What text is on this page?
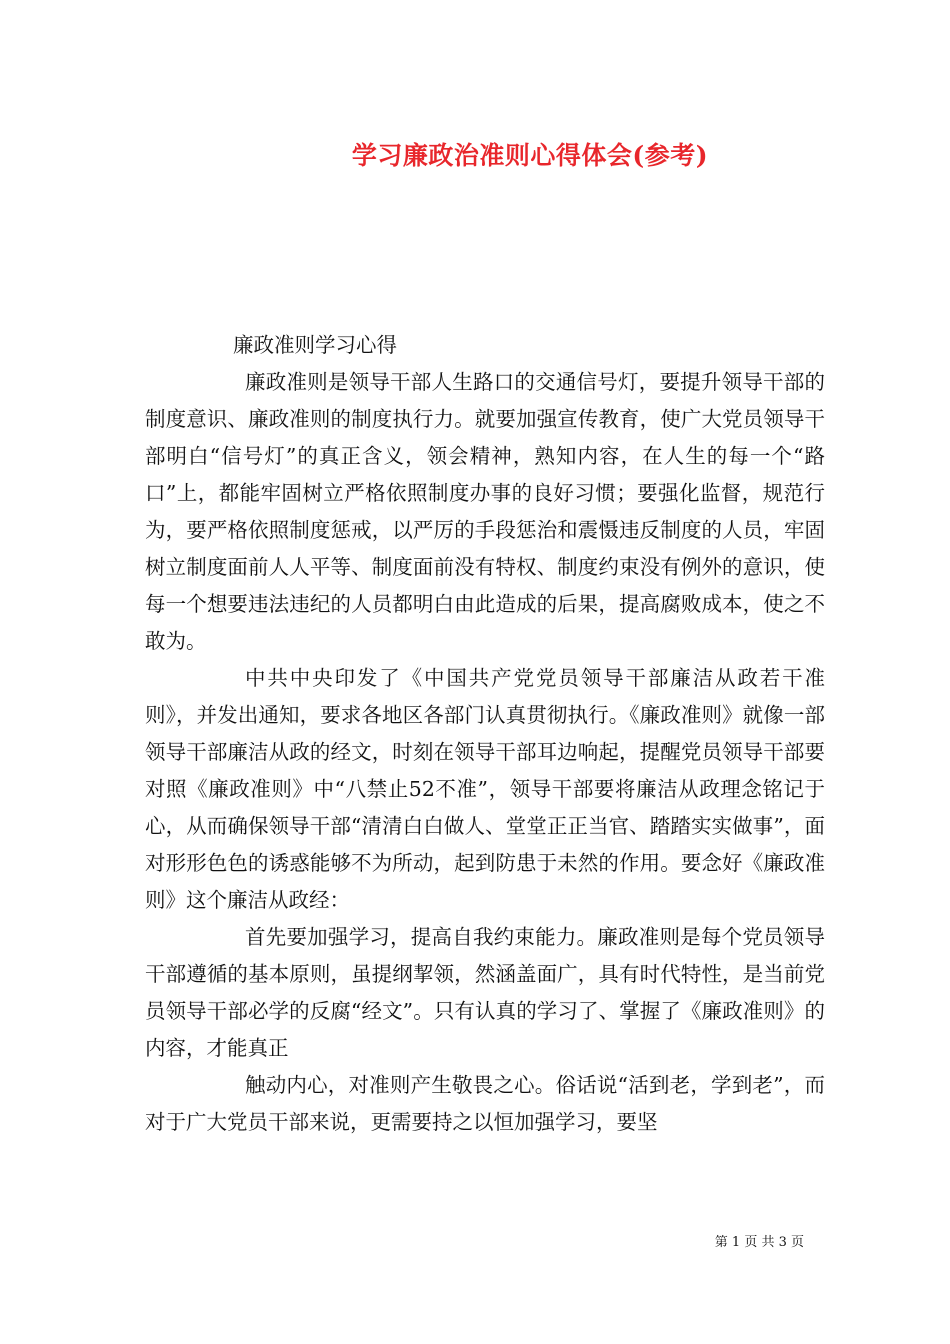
学习廉政治准则心得体会(参考)

廉政准则学习心得

廉政准则是领导干部人生路口的交通信号灯，要提升领导干部的制度意识、廉政准则的制度执行力。就要加强宣传教育，使广大党员领导干部明白“信号灯”的真正含义，领会精神，熟知内容，在人生的每一个“路口”上，都能牢固树立严格依照制度办事的良好习惯；要强化监督，规范行为，要严格依照制度惩戒，以严厉的手段惩治和震慑违反制度的人员，牢固树立制度面前人人平等、制度面前没有特权、制度约束没有例外的意识，使每一个想要违法违纪的人员都明白由此造成的后果，提高腐败成本，使之不敢为。

中共中央印发了《中国共产党党员领导干部廉洁从政若干准则》，并发出通知，要求各地区各部门认真贯彻执行。《廉政准则》就像一部领导干部廉洁从政的经文，时刻在领导干部耳边响起，提醒党员领导干部要对照《廉政准则》中“八禁止52不准”，领导干部要将廉洁从政理念铭记于心，从而确保领导干部“清清白白做人、堂堂正正当官、踏踏实实做事”，面对形形色色的诱惑能够不为所动，起到防患于未然的作用。要念好《廉政准则》这个廉洁从政经：

首先要加强学习，提高自我约束能力。廉政准则是每个党员领导干部遵循的基本原则，虽提纲挈领，然涵盖面广，具有时代特性，是当前党员领导干部必学的反腐“经文”。只有认真的学习了、掌握了《廉政准则》的内容，才能真正

触动内心，对准则产生敬畏之心。俗话说“活到老，学到老”，而对于广大党员干部来说，更需要持之以恒加强学习，要坚

第 1 页 共 3 页
